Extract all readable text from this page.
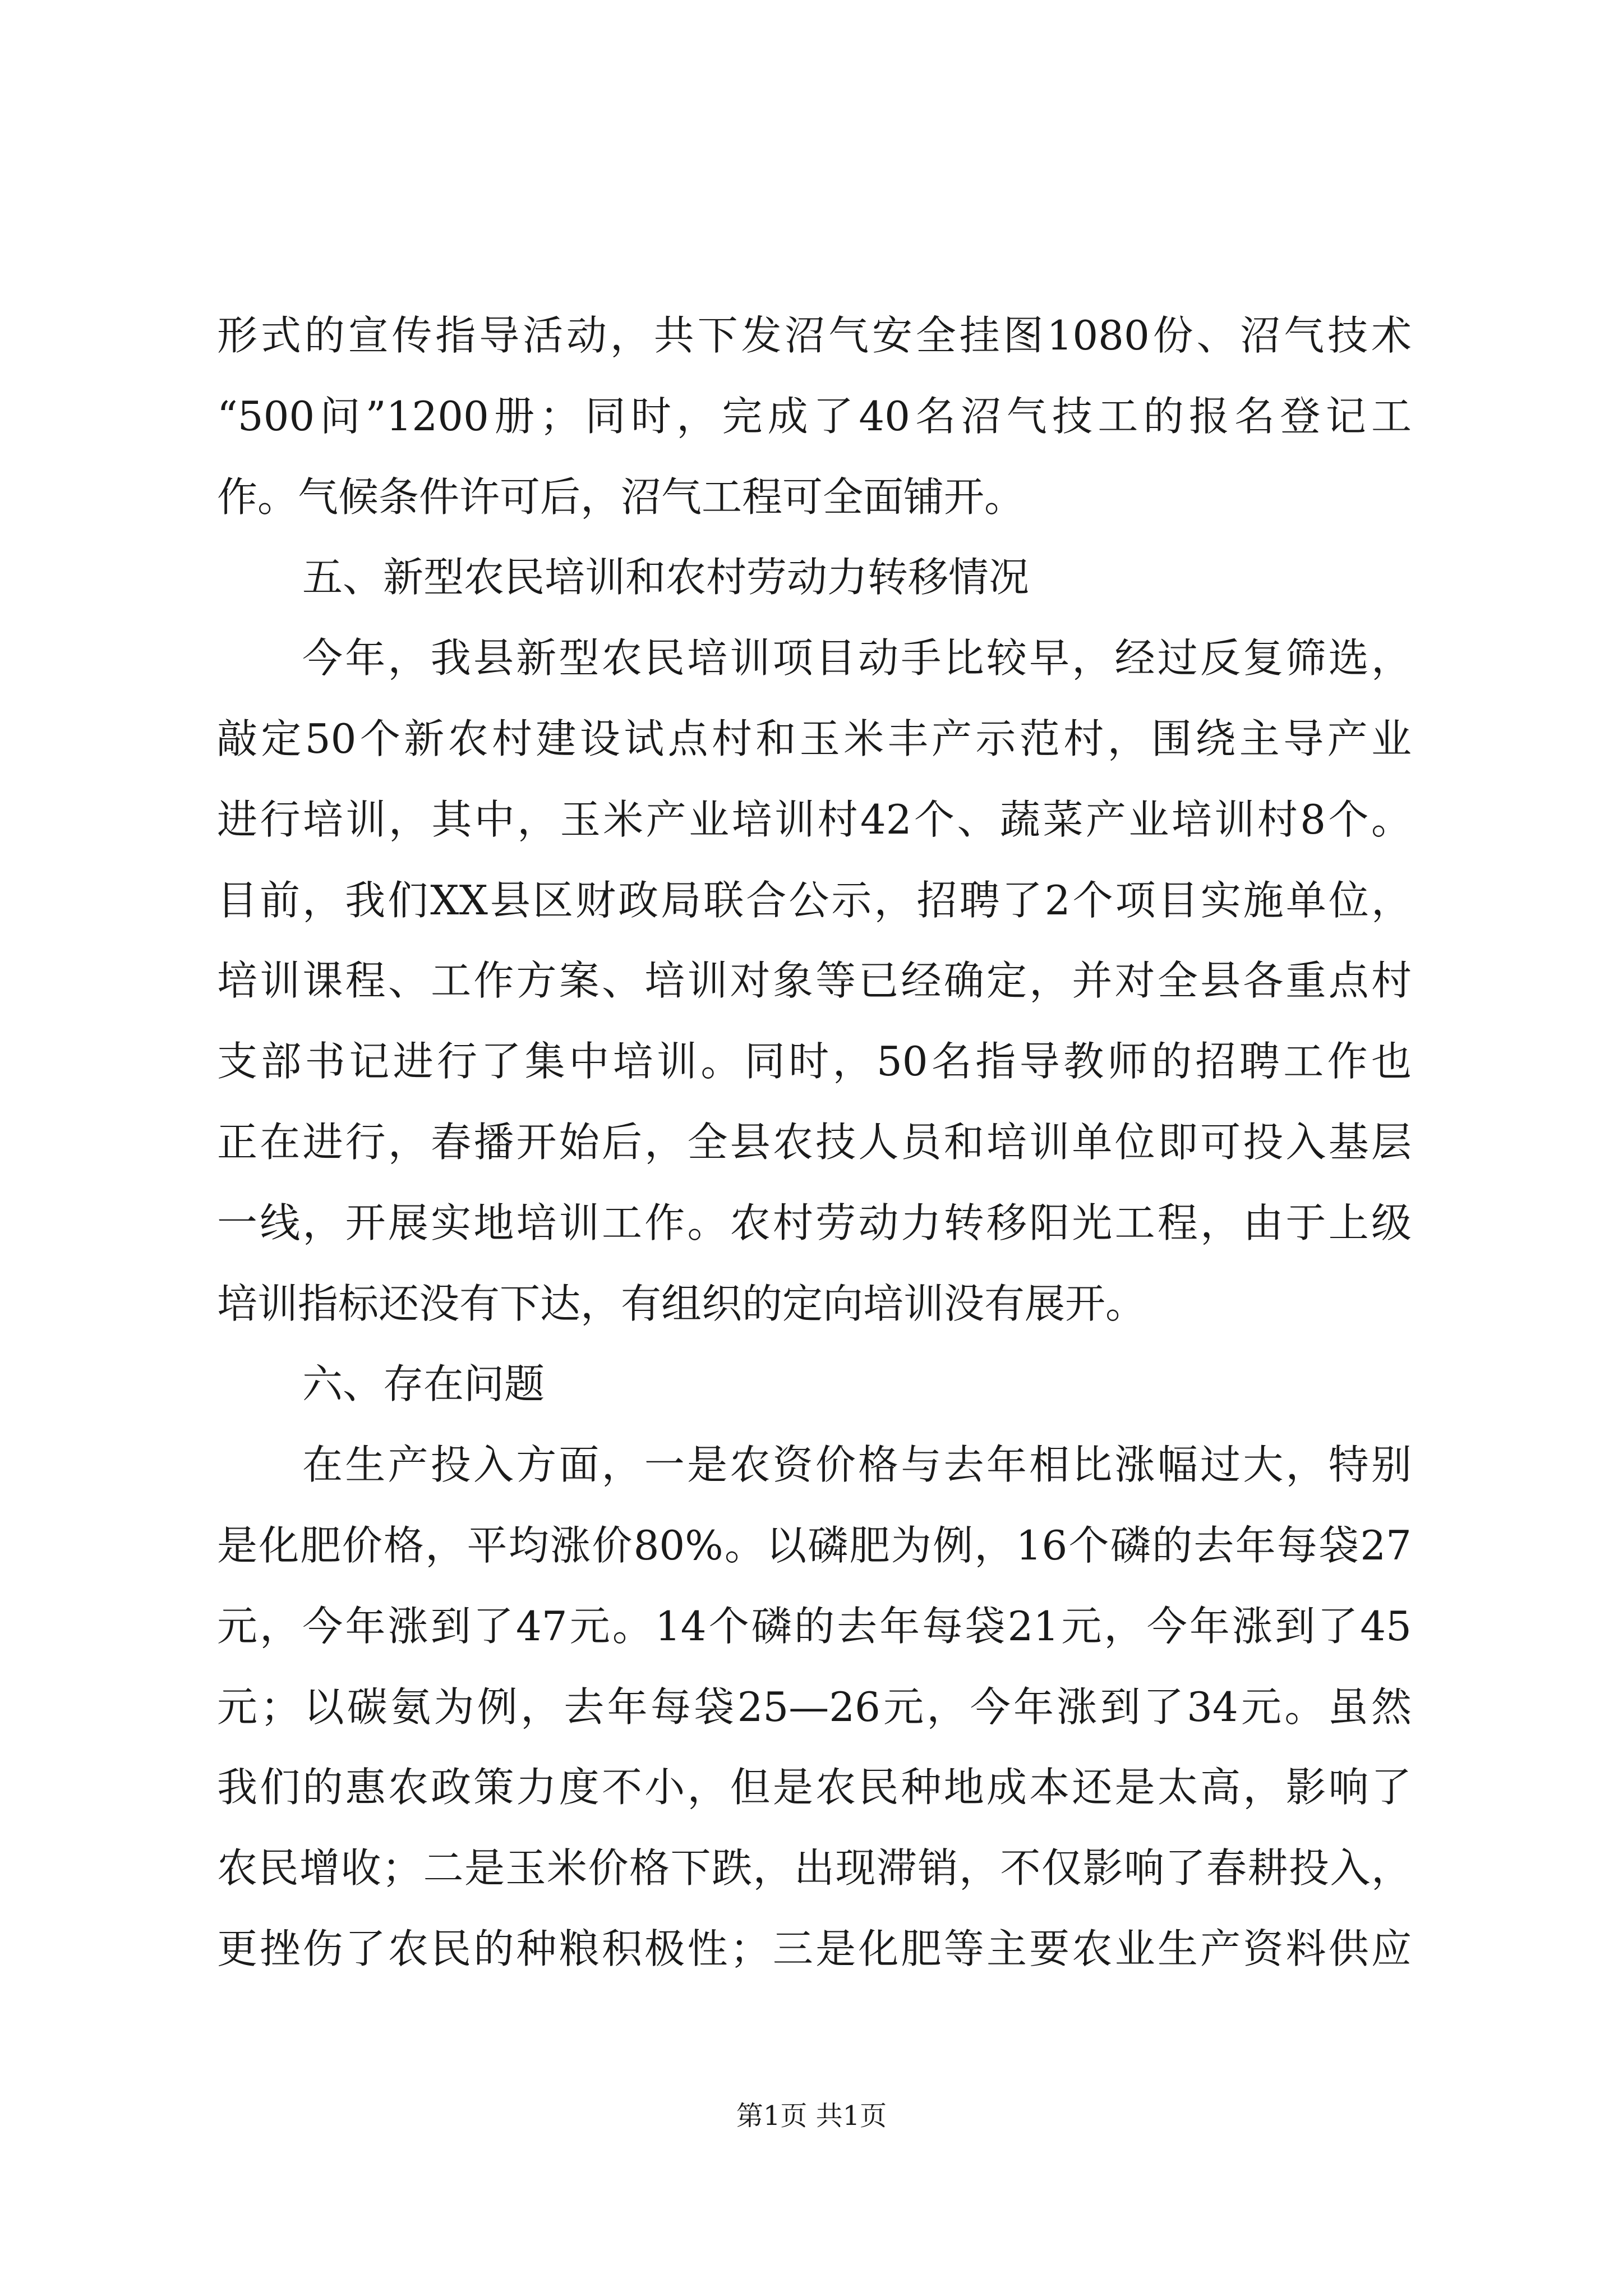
形式的宣传指导活动，共下发沼气安全挂图1080份、沼气技术
“500问”1200册；同时，完成了40名沼气技工的报名登记工
作。气候条件许可后，沼气工程可全面铺开。
五、新型农民培训和农村劳动力转移情况
今年，我县新型农民培训项目动手比较早，经过反复筛选，
敲定50个新农村建设试点村和玉米丰产示范村，围绕主导产业
进行培训，其中，玉米产业培训村42个、蔬菜产业培训村8个。
目前，我们XX县区财政局联合公示，招聘了2个项目实施单位，
培训课程、工作方案、培训对象等已经确定，并对全县各重点村
支部书记进行了集中培训。同时，50名指导教师的招聘工作也
正在进行，春播开始后，全县农技人员和培训单位即可投入基层
一线，开展实地培训工作。农村劳动力转移阳光工程，由于上级
培训指标还没有下达，有组织的定向培训没有展开。
六、存在问题
在生产投入方面，一是农资价格与去年相比涨幅过大，特别
是化肥价格，平均涨价80%。以磷肥为例，16个磷的去年每袋27
元，今年涨到了47元。14个磷的去年每袋21元，今年涨到了45
元；以碳氨为例，去年每袋25—26元，今年涨到了34元。虽然
我们的惠农政策力度不小，但是农民种地成本还是太高，影响了
农民增收；二是玉米价格下跌，出现滞销，不仅影响了春耕投入，
更挫伤了农民的种粮积极性；三是化肥等主要农业生产资料供应
第1页 共1页
